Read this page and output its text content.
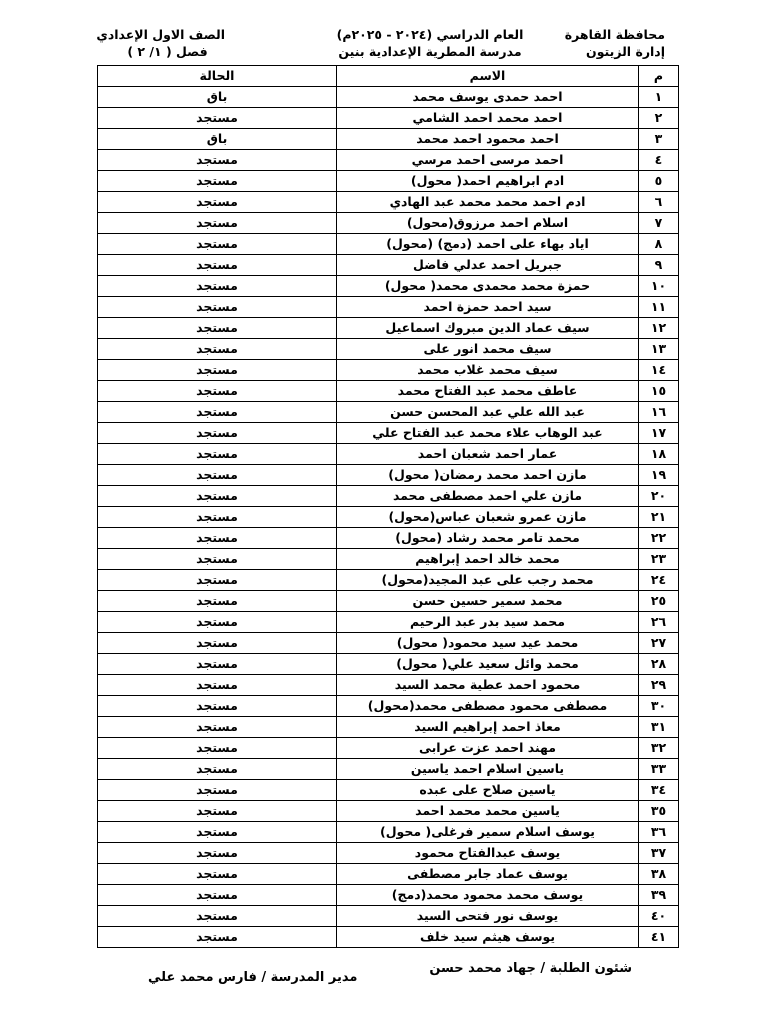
محافظة القاهرة
إدارة الزيتون
العام الدراسي (٢٠٢٤ - ٢٠٢٥م)
مدرسة المطرية الإعدادية بنين
الصف الاول الإعدادي
فصل ( ١/ ٢ )
م	الاسم	الحالة
١	احمد حمدى يوسف محمد	باق
٢	احمد محمد احمد الشامي	مستجد
٣	احمد محمود احمد محمد	باق
٤	احمد مرسى احمد مرسي	مستجد
٥	ادم ابراهيم احمد( محول)	مستجد
٦	ادم احمد محمد محمد عبد الهادي	مستجد
٧	اسلام احمد مرزوق(محول)	مستجد
٨	اياد بهاء على احمد (دمج) (محول)	مستجد
٩	جبريل احمد عدلي فاضل	مستجد
١٠	حمزة محمد محمدى محمد( محول)	مستجد
١١	سيد احمد حمزة احمد	مستجد
١٢	سيف عماد الدين مبروك اسماعيل	مستجد
١٣	سيف محمد انور على	مستجد
١٤	سيف محمد غلاب محمد	مستجد
١٥	عاطف محمد عبد الفتاح محمد	مستجد
١٦	عبد الله علي عبد المحسن حسن	مستجد
١٧	عبد الوهاب علاء محمد عبد الفتاح علي	مستجد
١٨	عمار احمد شعبان احمد	مستجد
١٩	مازن احمد محمد رمضان( محول)	مستجد
٢٠	مازن علي احمد مصطفى محمد	مستجد
٢١	مازن عمرو شعبان عباس(محول)	مستجد
٢٢	محمد تامر محمد رشاد (محول)	مستجد
٢٣	محمد خالد احمد إبراهيم	مستجد
٢٤	محمد رجب على عبد المجيد(محول)	مستجد
٢٥	محمد سمير حسين حسن	مستجد
٢٦	محمد سيد بدر عبد الرحيم	مستجد
٢٧	محمد عيد سيد محمود( محول)	مستجد
٢٨	محمد وائل سعيد علي( محول)	مستجد
٢٩	محمود احمد عطية محمد السيد	مستجد
٣٠	مصطفى محمود مصطفى محمد(محول)	مستجد
٣١	معاذ احمد إبراهيم السيد	مستجد
٣٢	مهند احمد عزت عرابى	مستجد
٣٣	ياسين اسلام احمد ياسين	مستجد
٣٤	ياسين صلاح على عبده	مستجد
٣٥	ياسين محمد محمد احمد	مستجد
٣٦	يوسف اسلام سمير فرغلى( محول)	مستجد
٣٧	يوسف عبدالفتاح محمود	مستجد
٣٨	يوسف عماد جابر مصطفى	مستجد
٣٩	يوسف محمد محمود محمد(دمج)	مستجد
٤٠	يوسف نور فتحى السيد	مستجد
٤١	يوسف هيثم سيد خلف	مستجد
شئون الطلبة / جهاد محمد حسن
مدير المدرسة / فارس محمد علي
